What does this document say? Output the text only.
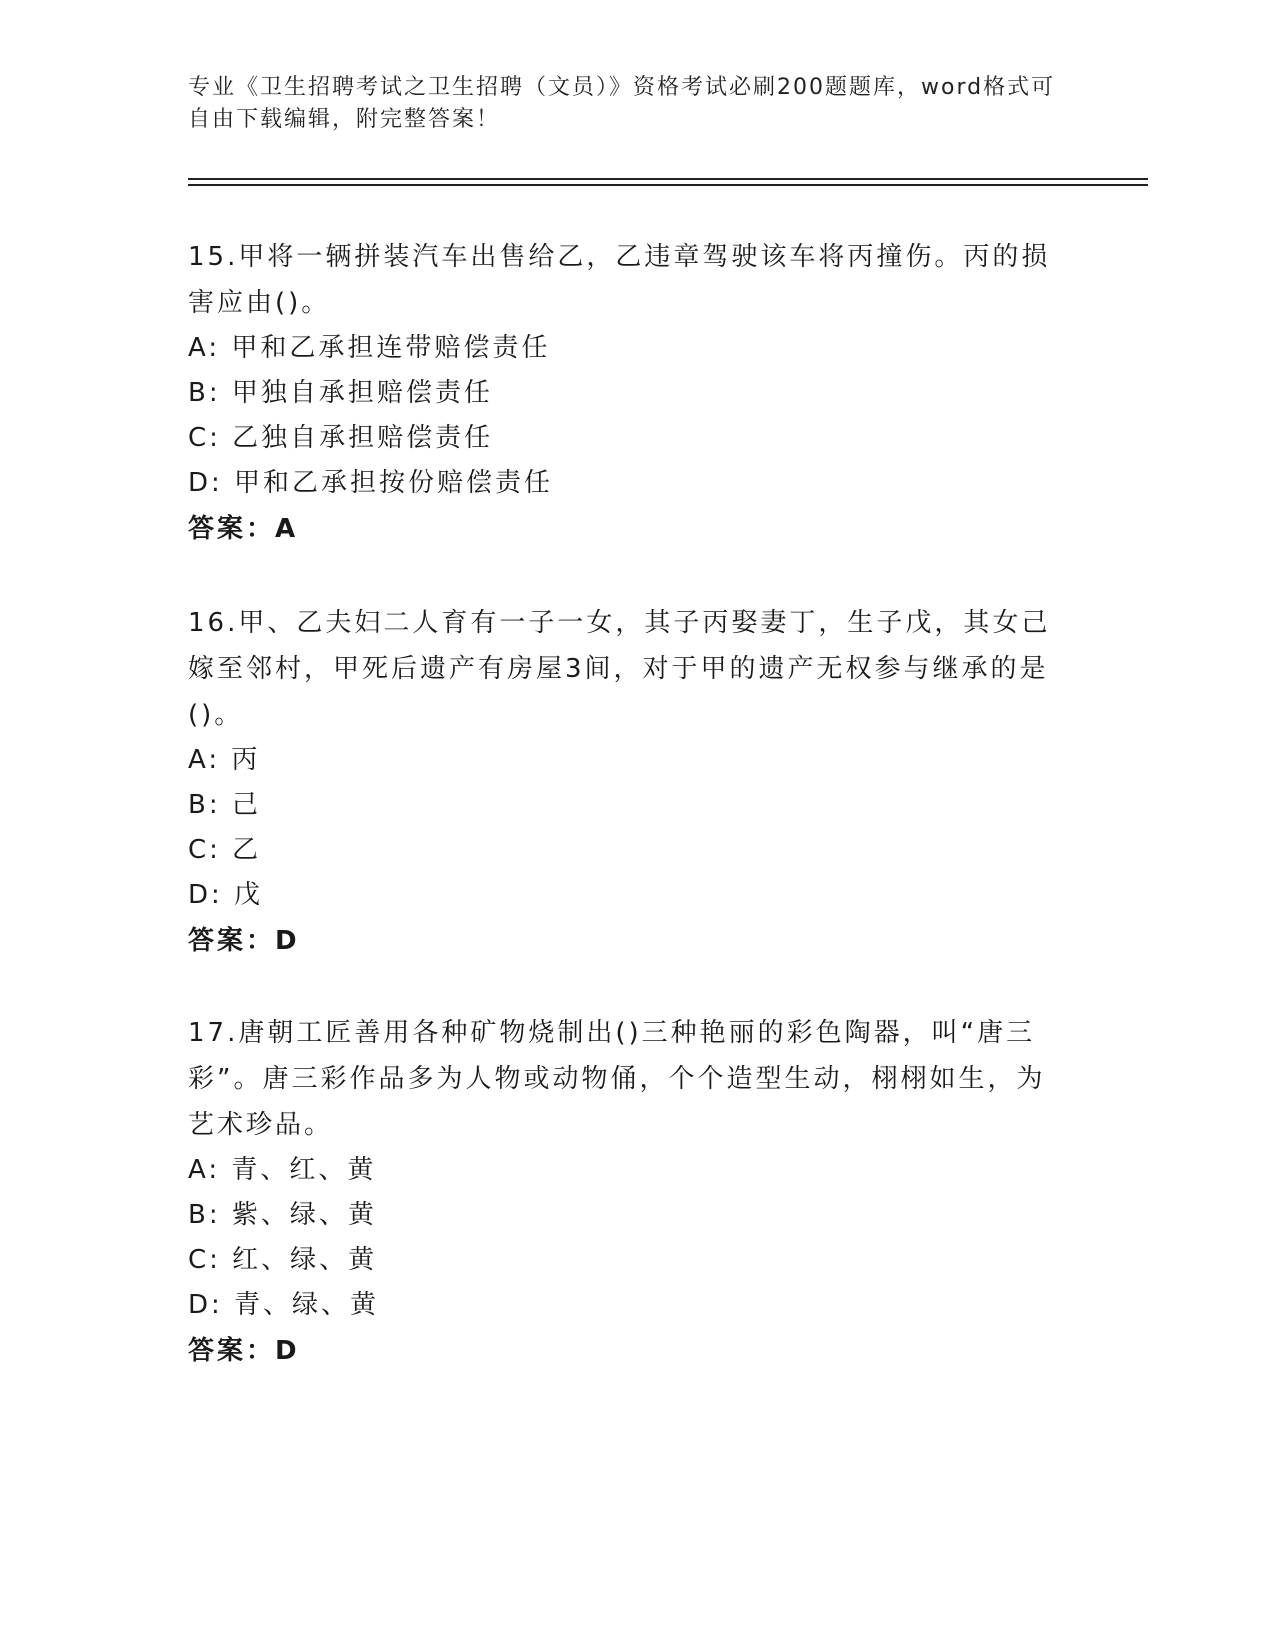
专业《卫生招聘考试之卫生招聘（文员）》资格考试必刷200题题库，word格式可自由下载编辑，附完整答案！

15.甲将一辆拼装汽车出售给乙，乙违章驾驶该车将丙撞伤。丙的损害应由()。

A: 甲和乙承担连带赔偿责任

B: 甲独自承担赔偿责任

C: 乙独自承担赔偿责任

D: 甲和乙承担按份赔偿责任

答案：A

16.甲、乙夫妇二人育有一子一女，其子丙娶妻丁，生子戊，其女己嫁至邻村，甲死后遗产有房屋3间，对于甲的遗产无权参与继承的是()。

A: 丙

B: 己

C: 乙

D: 戊

答案：D

17.唐朝工匠善用各种矿物烧制出()三种艳丽的彩色陶器，叫“唐三彩”。唐三彩作品多为人物或动物俑，个个造型生动，栩栩如生，为艺术珍品。

A: 青、红、黄

B: 紫、绿、黄

C: 红、绿、黄

D: 青、绿、黄

答案：D
